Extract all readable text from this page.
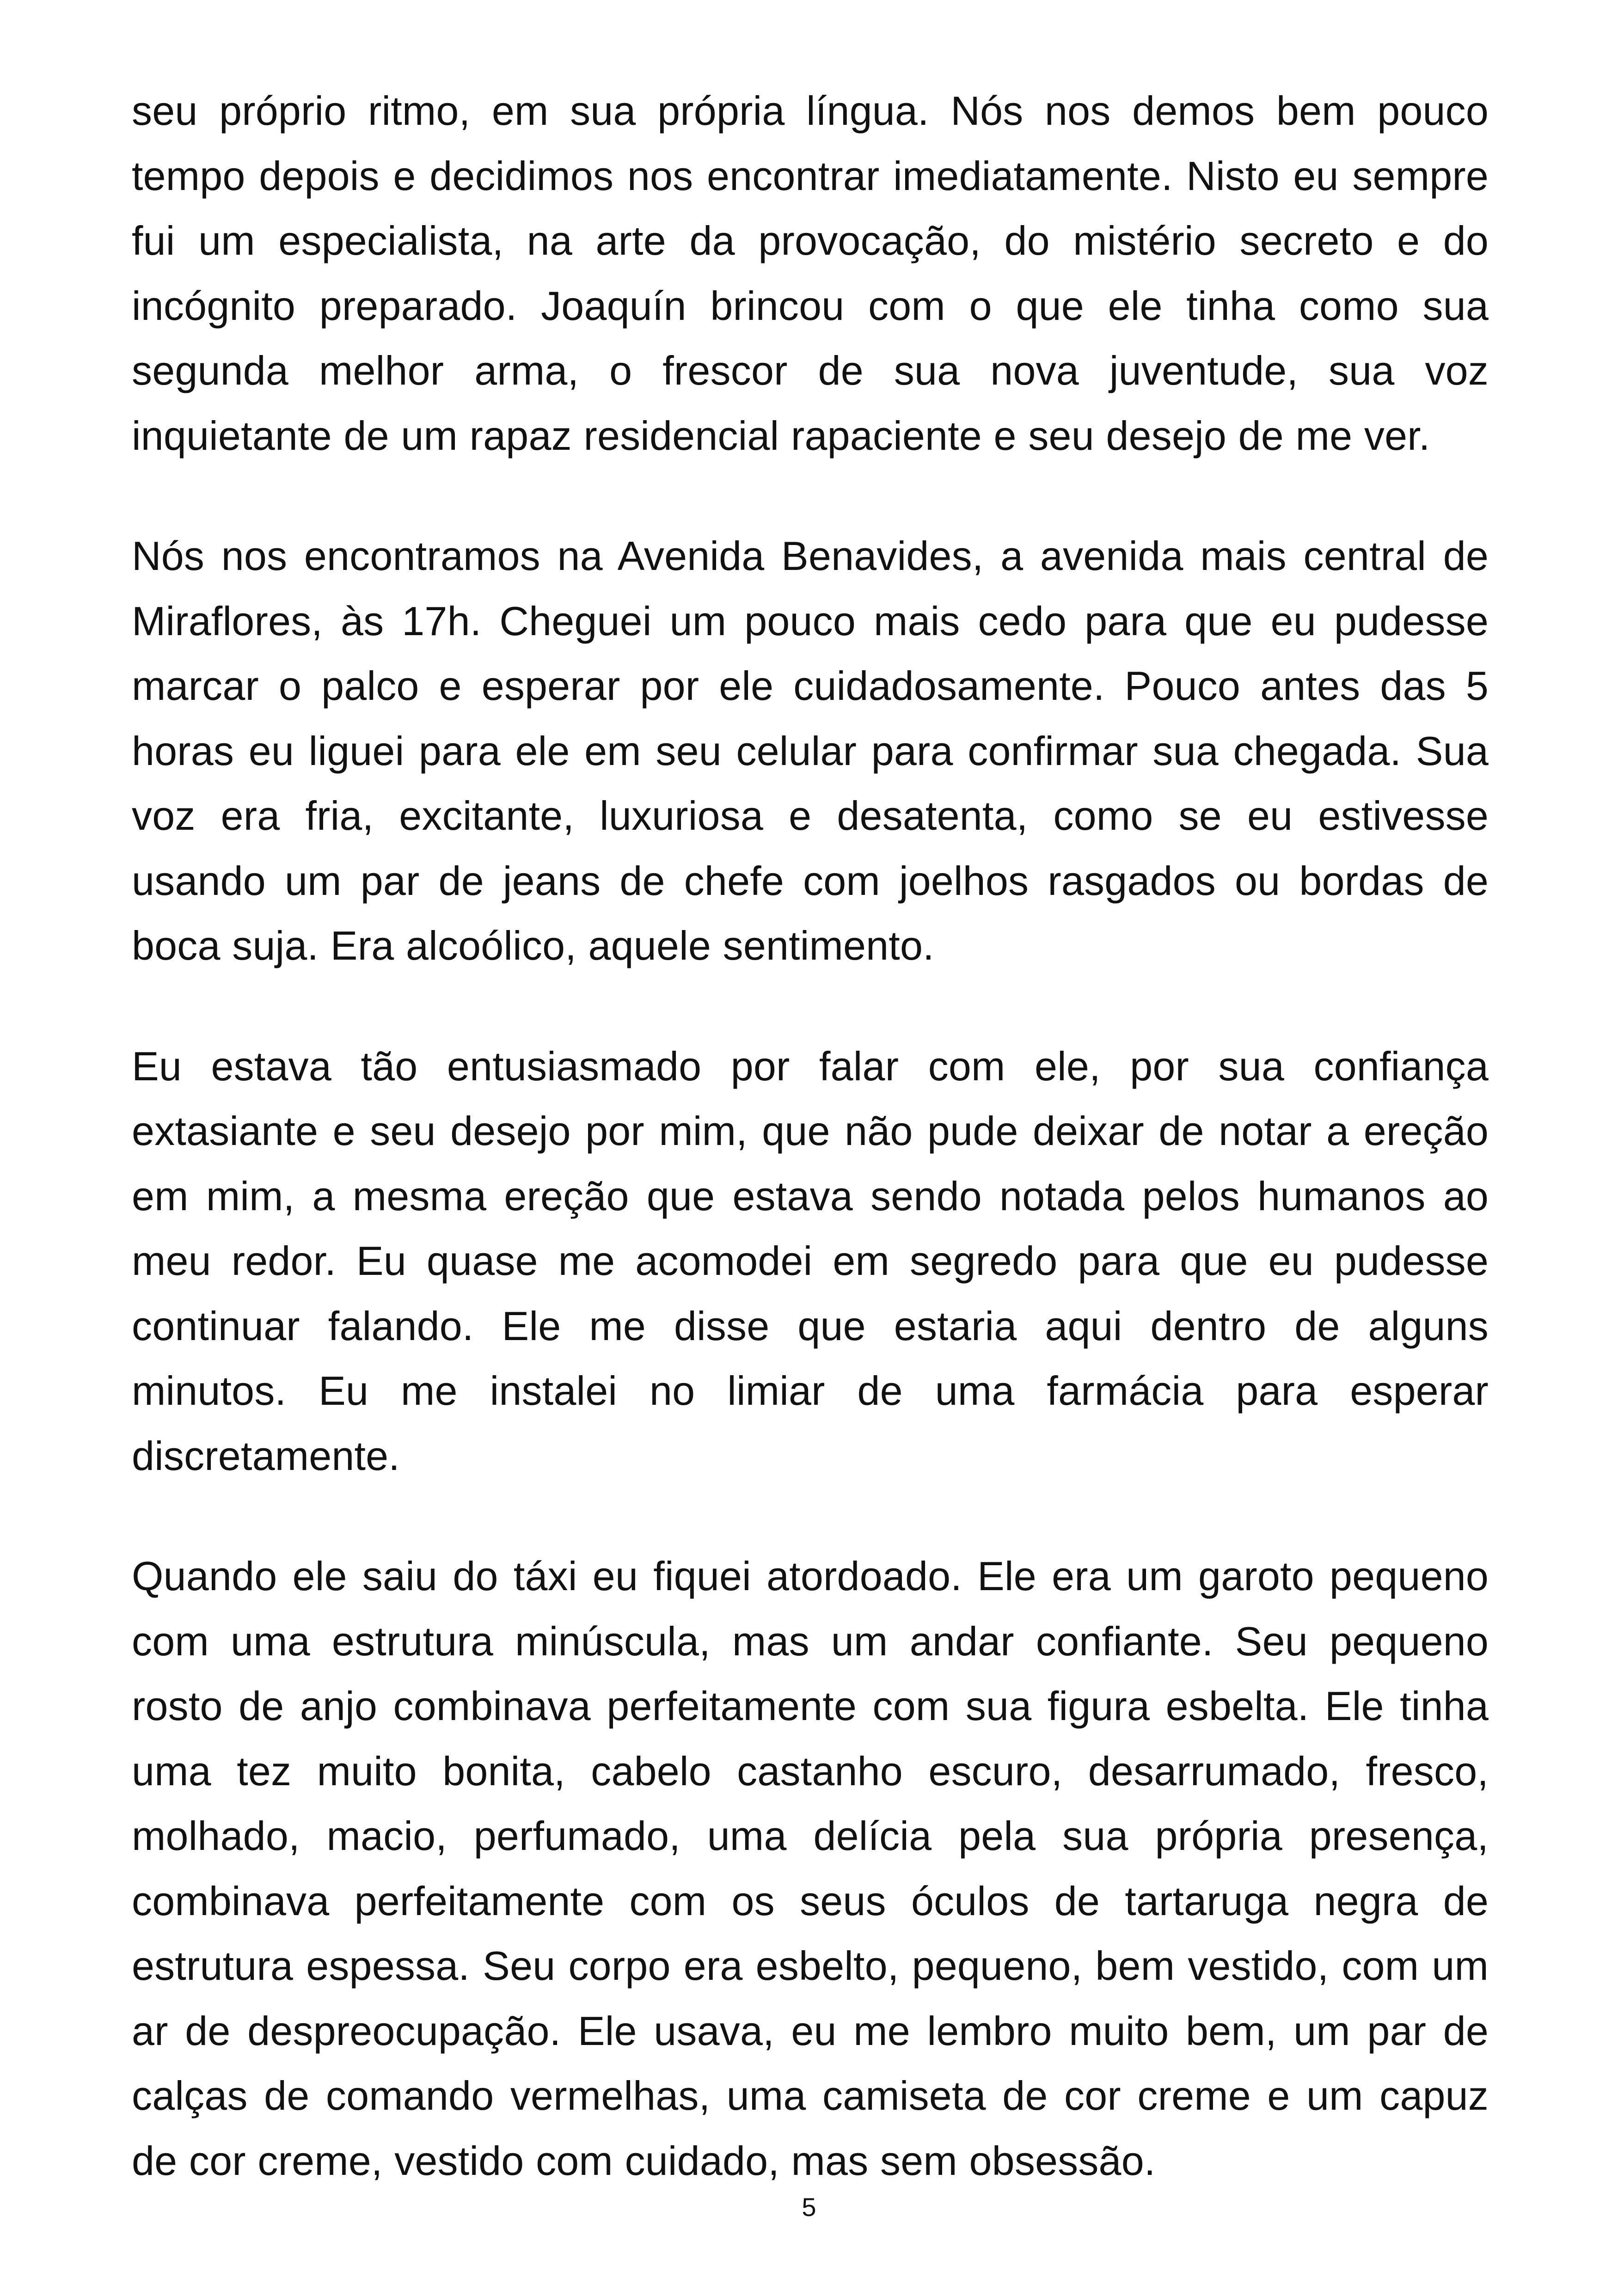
seu próprio ritmo, em sua própria língua. Nós nos demos bem pouco tempo depois e decidimos nos encontrar imediatamente. Nisto eu sempre fui um especialista, na arte da provocação, do mistério secreto e do incógnito preparado. Joaquín brincou com o que ele tinha como sua segunda melhor arma, o frescor de sua nova juventude, sua voz inquietante de um rapaz residencial rapaciente e seu desejo de me ver.

Nós nos encontramos na Avenida Benavides, a avenida mais central de Miraflores, às 17h. Cheguei um pouco mais cedo para que eu pudesse marcar o palco e esperar por ele cuidadosamente. Pouco antes das 5 horas eu liguei para ele em seu celular para confirmar sua chegada. Sua voz era fria, excitante, luxuriosa e desatenta, como se eu estivesse usando um par de jeans de chefe com joelhos rasgados ou bordas de boca suja. Era alcoólico, aquele sentimento.

Eu estava tão entusiasmado por falar com ele, por sua confiança extasiante e seu desejo por mim, que não pude deixar de notar a ereção em mim, a mesma ereção que estava sendo notada pelos humanos ao meu redor. Eu quase me acomodei em segredo para que eu pudesse continuar falando. Ele me disse que estaria aqui dentro de alguns minutos. Eu me instalei no limiar de uma farmácia para esperar discretamente.

Quando ele saiu do táxi eu fiquei atordoado. Ele era um garoto pequeno com uma estrutura minúscula, mas um andar confiante. Seu pequeno rosto de anjo combinava perfeitamente com sua figura esbelta. Ele tinha uma tez muito bonita, cabelo castanho escuro, desarrumado, fresco, molhado, macio, perfumado, uma delícia pela sua própria presença, combinava perfeitamente com os seus óculos de tartaruga negra de estrutura espessa. Seu corpo era esbelto, pequeno, bem vestido, com um ar de despreocupação. Ele usava, eu me lembro muito bem, um par de calças de comando vermelhas, uma camiseta de cor creme e um capuz de cor creme, vestido com cuidado, mas sem obsessão.

5
